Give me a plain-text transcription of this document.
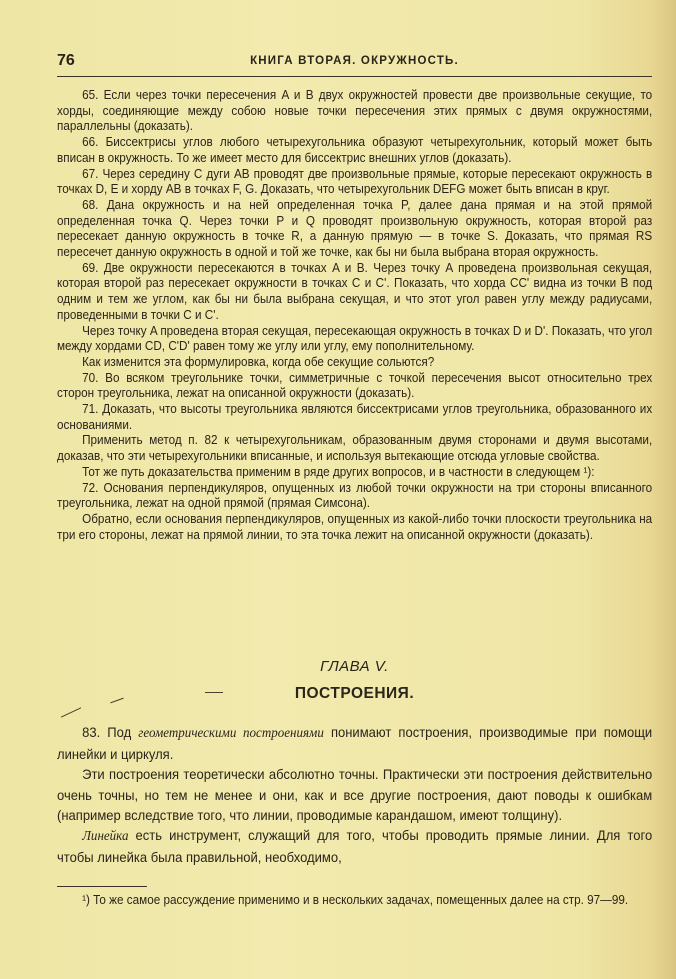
76	КНИГА ВТОРАЯ. ОКРУЖНОСТЬ.

65. Если через точки пересечения A и B двух окружностей провести две произвольные секущие, то хорды, соединяющие между собою новые точки пересечения этих прямых с двумя окружностями, параллельны (доказать).

66. Биссектрисы углов любого четырехугольника образуют четырехугольник, который может быть вписан в окружность. То же имеет место для биссектрис внешних углов (доказать).

67. Через середину C дуги AB проводят две произвольные прямые, которые пересекают окружность в точках D, E и хорду AB в точках F, G. Доказать, что четырехугольник DEFG может быть вписан в круг.

68. Дана окружность и на ней определенная точка P, далее дана прямая и на этой прямой определенная точка Q. Через точки P и Q проводят произвольную окружность, которая второй раз пересекает данную окружность в точке R, а данную прямую — в точке S. Доказать, что прямая RS пересечет данную окружность в одной и той же точке, как бы ни была выбрана вторая окружность.

69. Две окружности пересекаются в точках A и B. Через точку A проведена произвольная секущая, которая второй раз пересекает окружности в точках C и C'. Показать, что хорда CC' видна из точки B под одним и тем же углом, как бы ни была выбрана секущая, и что этот угол равен углу между радиусами, проведенными в точки C и C'.

Через точку A проведена вторая секущая, пересекающая окружность в точках D и D'. Показать, что угол между хордами CD, C'D' равен тому же углу или углу, ему пополнительному.

Как изменится эта формулировка, когда обе секущие сольются?

70. Во всяком треугольнике точки, симметричные с точкой пересечения высот относительно трех сторон треугольника, лежат на описанной окружности (доказать).

71. Доказать, что высоты треугольника являются биссектрисами углов треугольника, образованного их основаниями.

Применить метод п. 82 к четырехугольникам, образованным двумя сторонами и двумя высотами, доказав, что эти четырехугольники вписанные, и используя вытекающие отсюда угловые свойства.

Тот же путь доказательства применим в ряде других вопросов, и в частности в следующем ¹):

72. Основания перпендикуляров, опущенных из любой точки окружности на три стороны вписанного треугольника, лежат на одной прямой (прямая Симсона).

Обратно, если основания перпендикуляров, опущенных из какой-либо точки плоскости треугольника на три его стороны, лежат на прямой линии, то эта точка лежит на описанной окружности (доказать).

ГЛАВА V.
ПОСТРОЕНИЯ.

83. Под геометрическими построениями понимают построения, производимые при помощи линейки и циркуля.

Эти построения теоретически абсолютно точны. Практически эти построения действительно очень точны, но тем не менее и они, как и все другие построения, дают поводы к ошибкам (например вследствие того, что линии, проводимые карандашом, имеют толщину).

Линейка есть инструмент, служащий для того, чтобы проводить прямые линии. Для того чтобы линейка была правильной, необходимо,

¹) То же самое рассуждение применимо и в нескольких задачах, помещенных далее на стр. 97—99.
